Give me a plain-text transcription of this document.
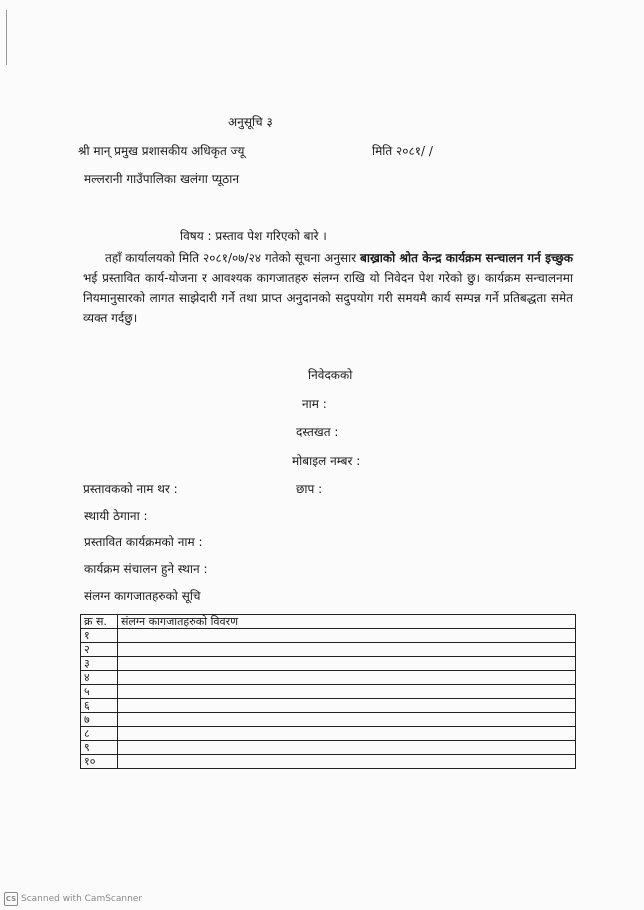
अनुसूचि ३
श्री मान् प्रमुख प्रशासकीय अधिकृत ज्यू	मिति २०८१/ /
मल्लरानी गाउँपालिका खलंगा प्यूठान
विषय : प्रस्ताव पेश गरिएको बारे ।
तहाँ कार्यालयको मिति २०८१/०७/२४ गतेको सूचना अनुसार बाख्राको श्रोत केन्द्र कार्यक्रम सन्चालन गर्न इच्छुक भई प्रस्तावित कार्य-योजना र आवश्यक कागजातहरु संलग्न राखि यो निवेदन पेश गरेको छु। कार्यक्रम सन्चालनमा नियमानुसारको लागत साझेदारी गर्ने तथा प्राप्त अनुदानको सदुपयोग गरी समयमै कार्य सम्पन्न गर्ने प्रतिबद्धता समेत व्यक्त गर्दछु।
निवेदकको
नाम :
दस्तखत :
मोबाइल नम्बर :
प्रस्तावकको नाम थर :	छाप :
स्थायी ठेगाना :
प्रस्तावित कार्यक्रमको नाम :
कार्यक्रम संचालन हुने स्थान :
संलग्न कागजातहरुको सूचि
क्र स.	संलग्न कागजातहरुको विवरण
१	
२	
३	
४	
५	
६	
७	
८	
९	
१०	
CS Scanned with CamScanner
